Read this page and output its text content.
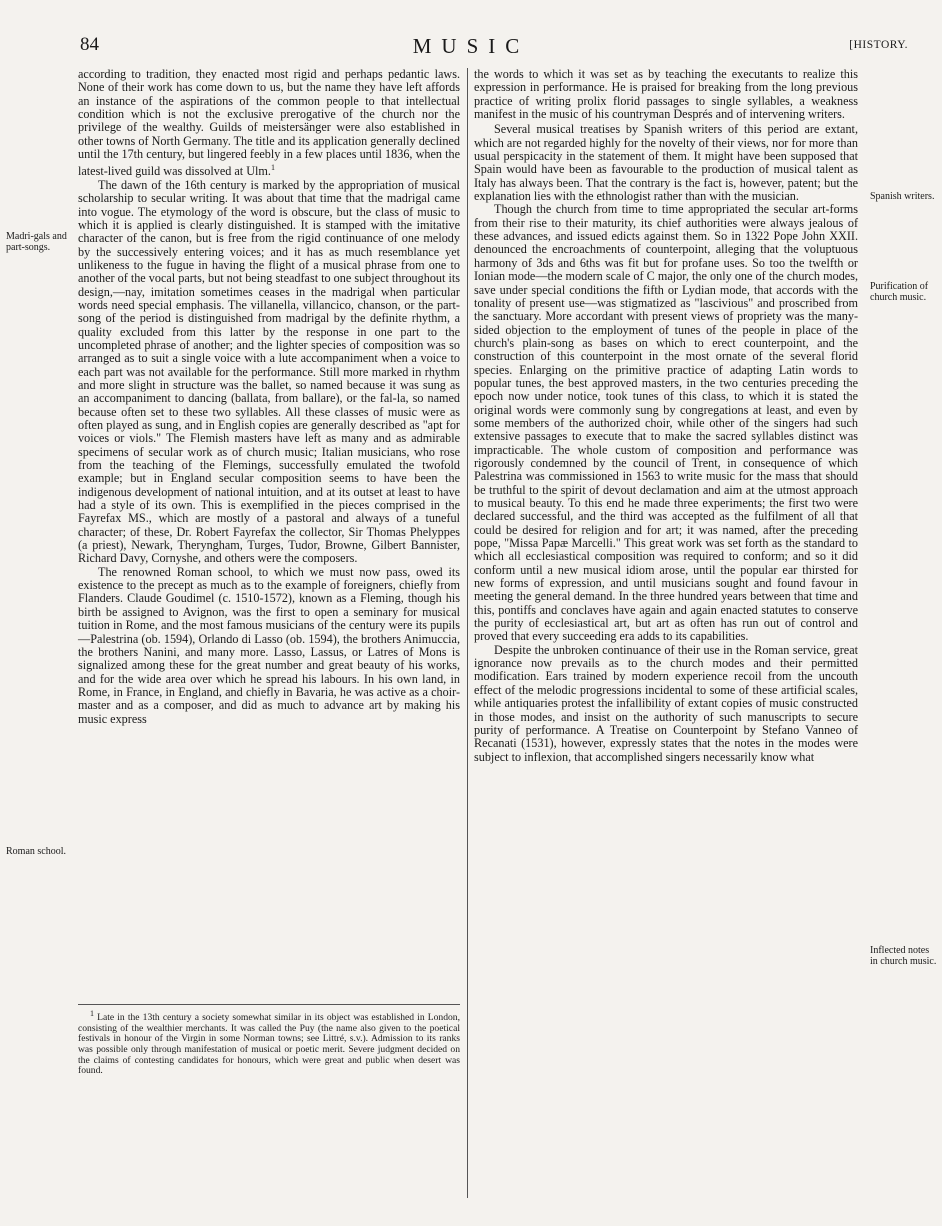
84	MUSIC	[HISTORY.

according to tradition, they enacted most rigid and perhaps pedantic laws. None of their work has come down to us, but the name they have left affords an instance of the aspirations of the common people to that intellectual condition which is not the exclusive prerogative of the church nor the privilege of the wealthy. Guilds of meistersänger were also established in other towns of North Germany. The title and its application generally declined until the 17th century, but lingered feebly in a few places until 1836, when the latest-lived guild was dissolved at Ulm.$^1$

The dawn of the 16th century is marked by the appropriation of musical scholarship to secular writing. It was about that time that the madrigal came into vogue. The etymology of the word is obscure, but the class of music to which it is applied is clearly distinguished. It is stamped with the imitative character of the canon, but is free from the rigid continuance of one melody by the successively entering voices; and it has as much resemblance yet unlikeness to the fugue in having the flight of a musical phrase from one to another of the vocal parts, but not being steadfast to one subject throughout its design,—nay, imitation sometimes ceases in the madrigal when particular words need special emphasis. The villanella, villancico, chanson, or the part-song of the period is distinguished from madrigal by the definite rhythm, a quality excluded from this latter by the response in one part to the uncompleted phrase of another; and the lighter species of composition was so arranged as to suit a single voice with a lute accompaniment when a voice to each part was not available for the performance. Still more marked in rhythm and more slight in structure was the ballet, so named because it was sung as an accompaniment to dancing (ballata, from ballare), or the fal-la, so named because often set to these two syllables. All these classes of music were as often played as sung, and in English copies are generally described as "apt for voices or viols." The Flemish masters have left as many and as admirable specimens of secular work as of church music; Italian musicians, who rose from the teaching of the Flemings, successfully emulated the twofold example; but in England secular composition seems to have been the indigenous development of national intuition, and at its outset at least to have had a style of its own. This is exemplified in the pieces comprised in the Fayrefax MS., which are mostly of a pastoral and always of a tuneful character; of these, Dr. Robert Fayrefax the collector, Sir Thomas Phelyppes (a priest), Newark, Theryngham, Turges, Tudor, Browne, Gilbert Bannister, Richard Davy, Cornyshe, and others were the composers.

The renowned Roman school, to which we must now pass, owed its existence to the precept as much as to the example of foreigners, chiefly from Flanders. Claude Goudimel (c. 1510-1572), known as a Fleming, though his birth be assigned to Avignon, was the first to open a seminary for musical tuition in Rome, and the most famous musicians of the century were its pupils—Palestrina (ob. 1594), Orlando di Lasso (ob. 1594), the brothers Animuccia, the brothers Nanini, and many more. Lasso, Lassus, or Latres of Mons is signalized among these for the great number and great beauty of his works, and for the wide area over which he spread his labours. In his own land, in Rome, in France, in England, and chiefly in Bavaria, he was active as a choir-master and as a composer, and did as much to advance art by making his music express

the words to which it was set as by teaching the executants to realize this expression in performance. He is praised for breaking from the long previous practice of writing prolix florid passages to single syllables, a weakness manifest in the music of his countryman Després and of intervening writers.

Several musical treatises by Spanish writers of this period are extant, which are not regarded highly for the novelty of their views, nor for more than usual perspicacity in the statement of them. It might have been supposed that Spain would have been as favourable to the production of musical talent as Italy has always been. That the contrary is the fact is, however, patent; but the explanation lies with the ethnologist rather than with the musician.

Though the church from time to time appropriated the secular art-forms from their rise to their maturity, its chief authorities were always jealous of these advances, and issued edicts against them. So in 1322 Pope John XXII. denounced the encroachments of counterpoint, alleging that the voluptuous harmony of 3ds and 6ths was fit but for profane uses. So too the twelfth or Ionian mode—the modern scale of C major, the only one of the church modes, save under special conditions the fifth or Lydian mode, that accords with the tonality of present use—was stigmatized as "lascivious" and proscribed from the sanctuary. More accordant with present views of propriety was the many-sided objection to the employment of tunes of the people in place of the church's plain-song as bases on which to erect counterpoint, and the construction of this counterpoint in the most ornate of the several florid species. Enlarging on the primitive practice of adapting Latin words to popular tunes, the best approved masters, in the two centuries preceding the epoch now under notice, took tunes of this class, to which it is stated the original words were commonly sung by congregations at least, and even by some members of the authorized choir, while other of the singers had such extensive passages to execute that to make the sacred syllables distinct was impracticable. The whole custom of composition and performance was rigorously condemned by the council of Trent, in consequence of which Palestrina was commissioned in 1563 to write music for the mass that should be truthful to the spirit of devout declamation and aim at the utmost approach to musical beauty. To this end he made three experiments; the first two were declared successful, and the third was accepted as the fulfilment of all that could be desired for religion and for art; it was named, after the preceding pope, "Missa Papæ Marcelli." This great work was set forth as the standard to which all ecclesiastical composition was required to conform; and so it did conform until a new musical idiom arose, until the popular ear thirsted for new forms of expression, and until musicians sought and found favour in meeting the general demand. In the three hundred years between that time and this, pontiffs and conclaves have again and again enacted statutes to conserve the purity of ecclesiastical art, but art as often has run out of control and proved that every succeeding era adds to its capabilities.

Despite the unbroken continuance of their use in the Roman service, great ignorance now prevails as to the church modes and their permitted modification. Ears trained by modern experience recoil from the uncouth effect of the melodic progressions incidental to some of these artificial scales, while antiquaries protest the infallibility of extant copies of music constructed in those modes, and insist on the authority of such manuscripts to secure purity of performance. A Treatise on Counterpoint by Stefano Vanneo of Recanati (1531), however, expressly states that the notes in the modes were subject to inflexion, that accomplished singers necessarily know what

Madri-gals and part-songs.
Roman school.
Spanish writers.
Purification of church music.
Inflected notes in church music.

$^1$ Late in the 13th century a society somewhat similar in its object was established in London, consisting of the wealthier merchants. It was called the Puy (the name also given to the poetical festivals in honour of the Virgin in some Norman towns; see Littré, s.v.). Admission to its ranks was possible only through manifestation of musical or poetic merit. Severe judgment decided on the claims of contesting candidates for honours, which were great and public when desert was found.
